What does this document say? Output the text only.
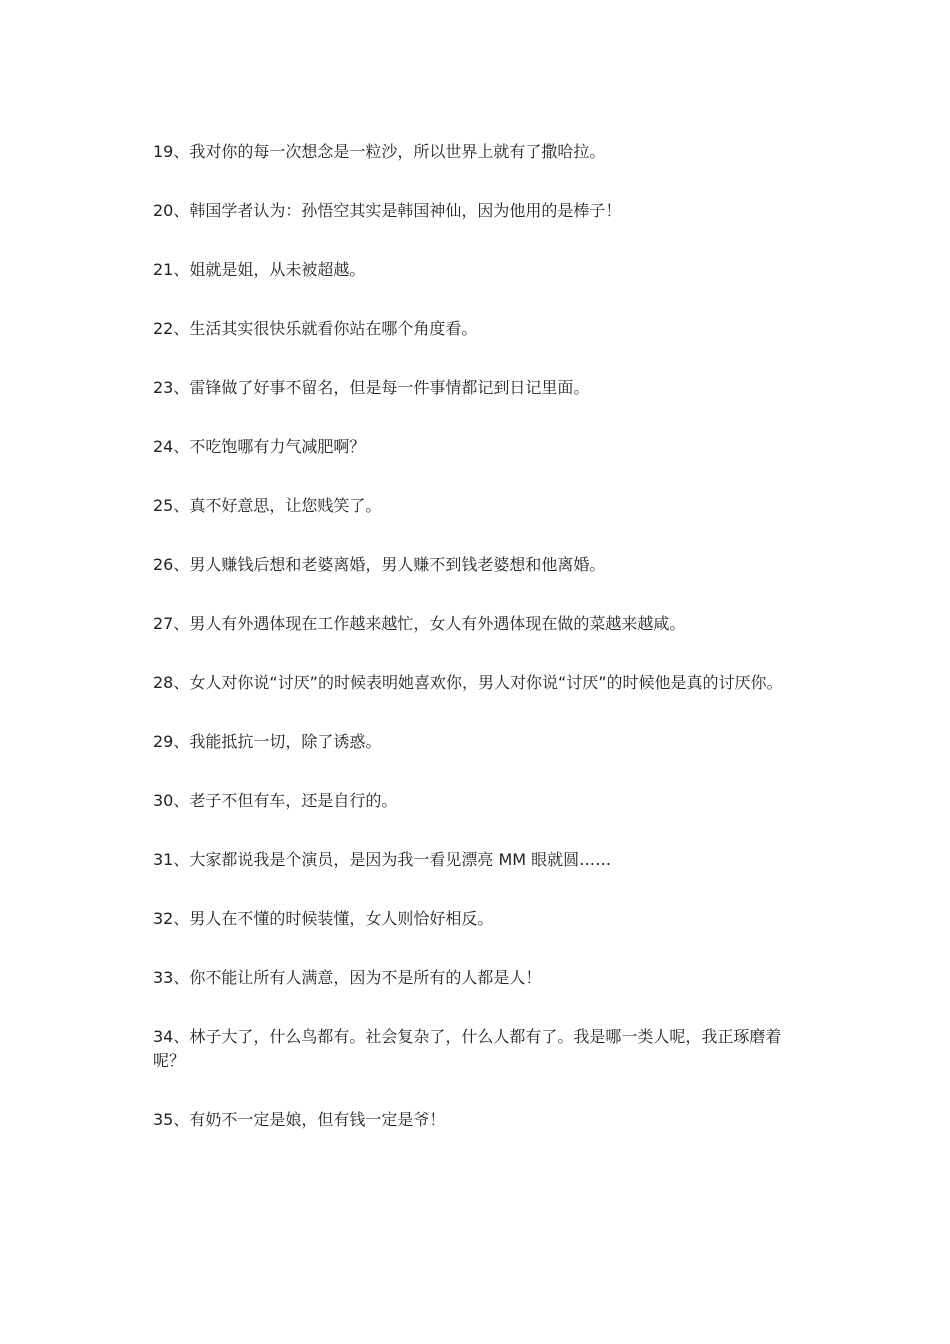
19、我对你的每一次想念是一粒沙，所以世界上就有了撒哈拉。

20、韩国学者认为：孙悟空其实是韩国神仙，因为他用的是棒子！

21、姐就是姐，从未被超越。

22、生活其实很快乐就看你站在哪个角度看。

23、雷锋做了好事不留名，但是每一件事情都记到日记里面。

24、不吃饱哪有力气减肥啊？

25、真不好意思，让您贱笑了。

26、男人赚钱后想和老婆离婚，男人赚不到钱老婆想和他离婚。

27、男人有外遇体现在工作越来越忙，女人有外遇体现在做的菜越来越咸。

28、女人对你说“讨厌”的时候表明她喜欢你，男人对你说“讨厌”的时候他是真的讨厌你。

29、我能抵抗一切，除了诱惑。

30、老子不但有车，还是自行的。

31、大家都说我是个演员，是因为我一看见漂亮 MM 眼就圆……

32、男人在不懂的时候装懂，女人则恰好相反。

33、你不能让所有人满意，因为不是所有的人都是人！

34、林子大了，什么鸟都有。社会复杂了，什么人都有了。我是哪一类人呢，我正琢磨着呢？

35、有奶不一定是娘，但有钱一定是爷！
